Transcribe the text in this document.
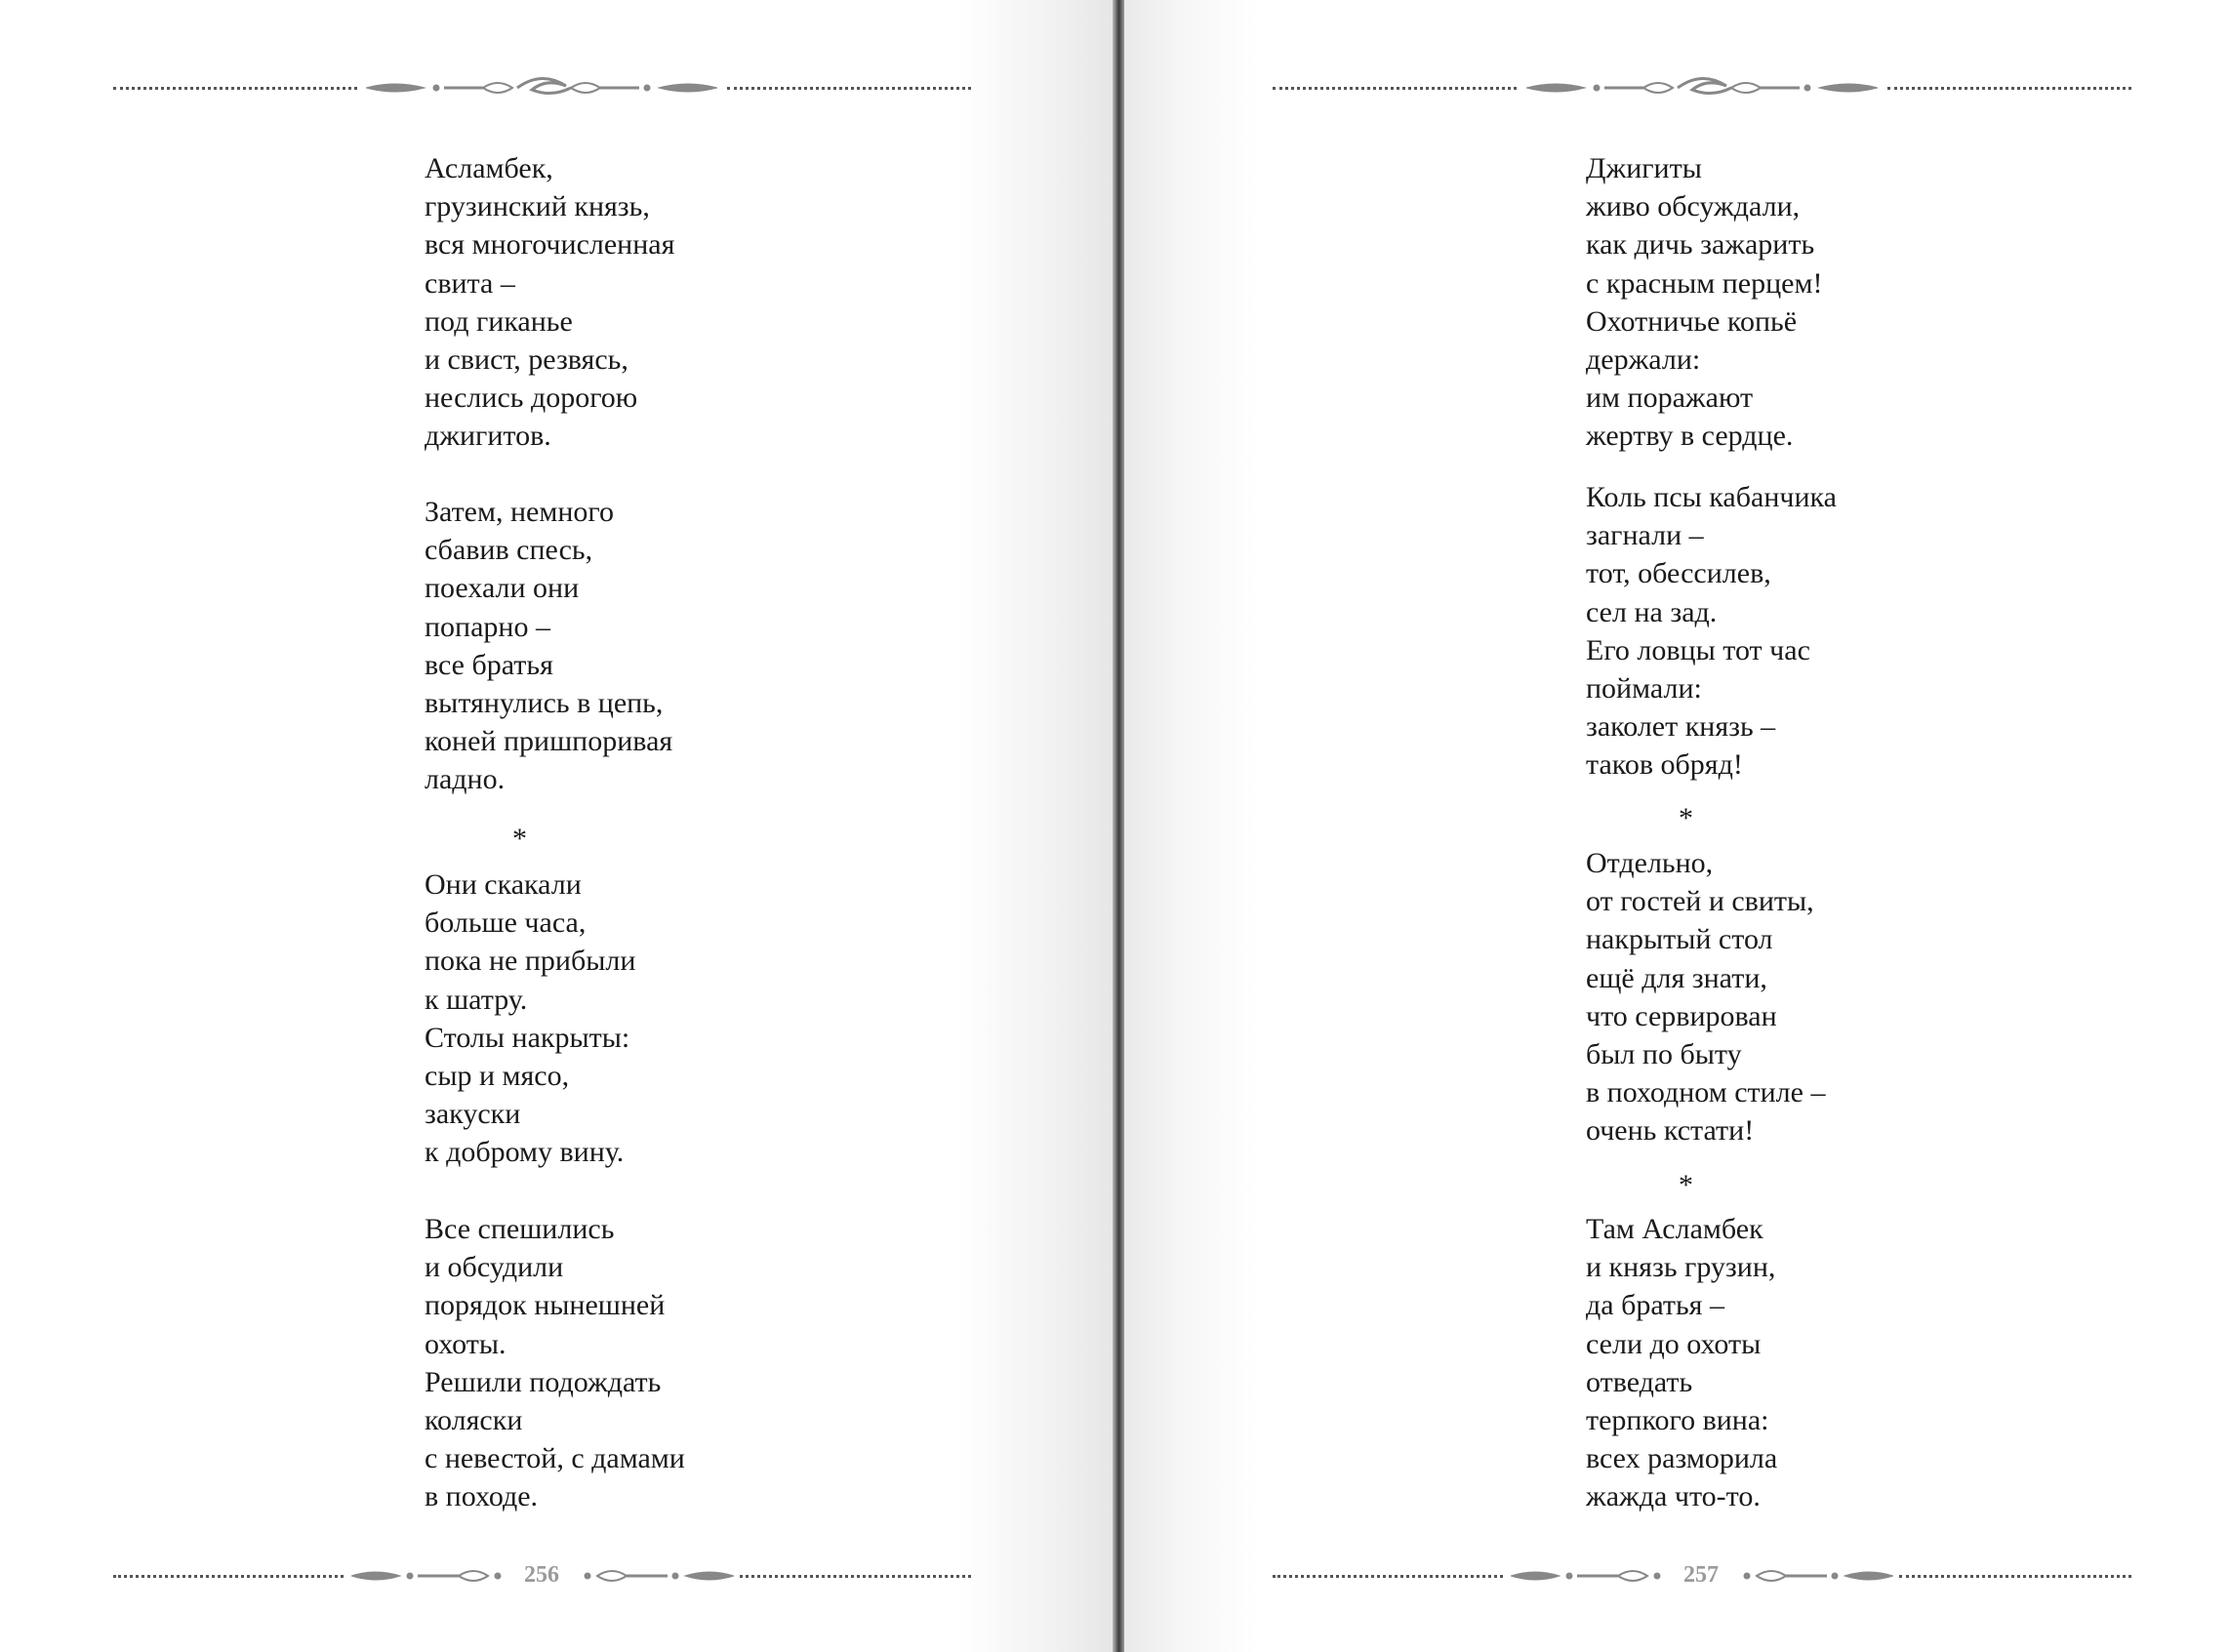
Асламбек,
грузинский князь,
вся многочисленная
свита –
под гиканье
и свист, резвясь,
неслись дорогою
джигитов.
Затем, немного
сбавив спесь,
поехали они
попарно –
все братья
вытянулись в цепь,
коней пришпоривая
ладно.
*
Они скакали
больше часа,
пока не прибыли
к шатру.
Столы накрыты:
сыр и мясо,
закуски
к доброму вину.
Все спешились
и обсудили
порядок нынешней
охоты.
Решили подождать
коляски
с невестой, с дамами
в походе.
256
Джигиты
живо обсуждали,
как дичь зажарить
с красным перцем!
Охотничье копьё
держали:
им поражают
жертву в сердце.
Коль псы кабанчика
загнали –
тот, обессилев,
сел на зад.
Его ловцы тот час
поймали:
заколет князь –
таков обряд!
*
Отдельно,
от гостей и свиты,
накрытый стол
ещё для знати,
что сервирован
был по быту
в походном стиле –
очень кстати!
*
Там Асламбек
и князь грузин,
да братья –
сели до охоты
отведать
терпкого вина:
всех разморила
жажда что-то.
257
